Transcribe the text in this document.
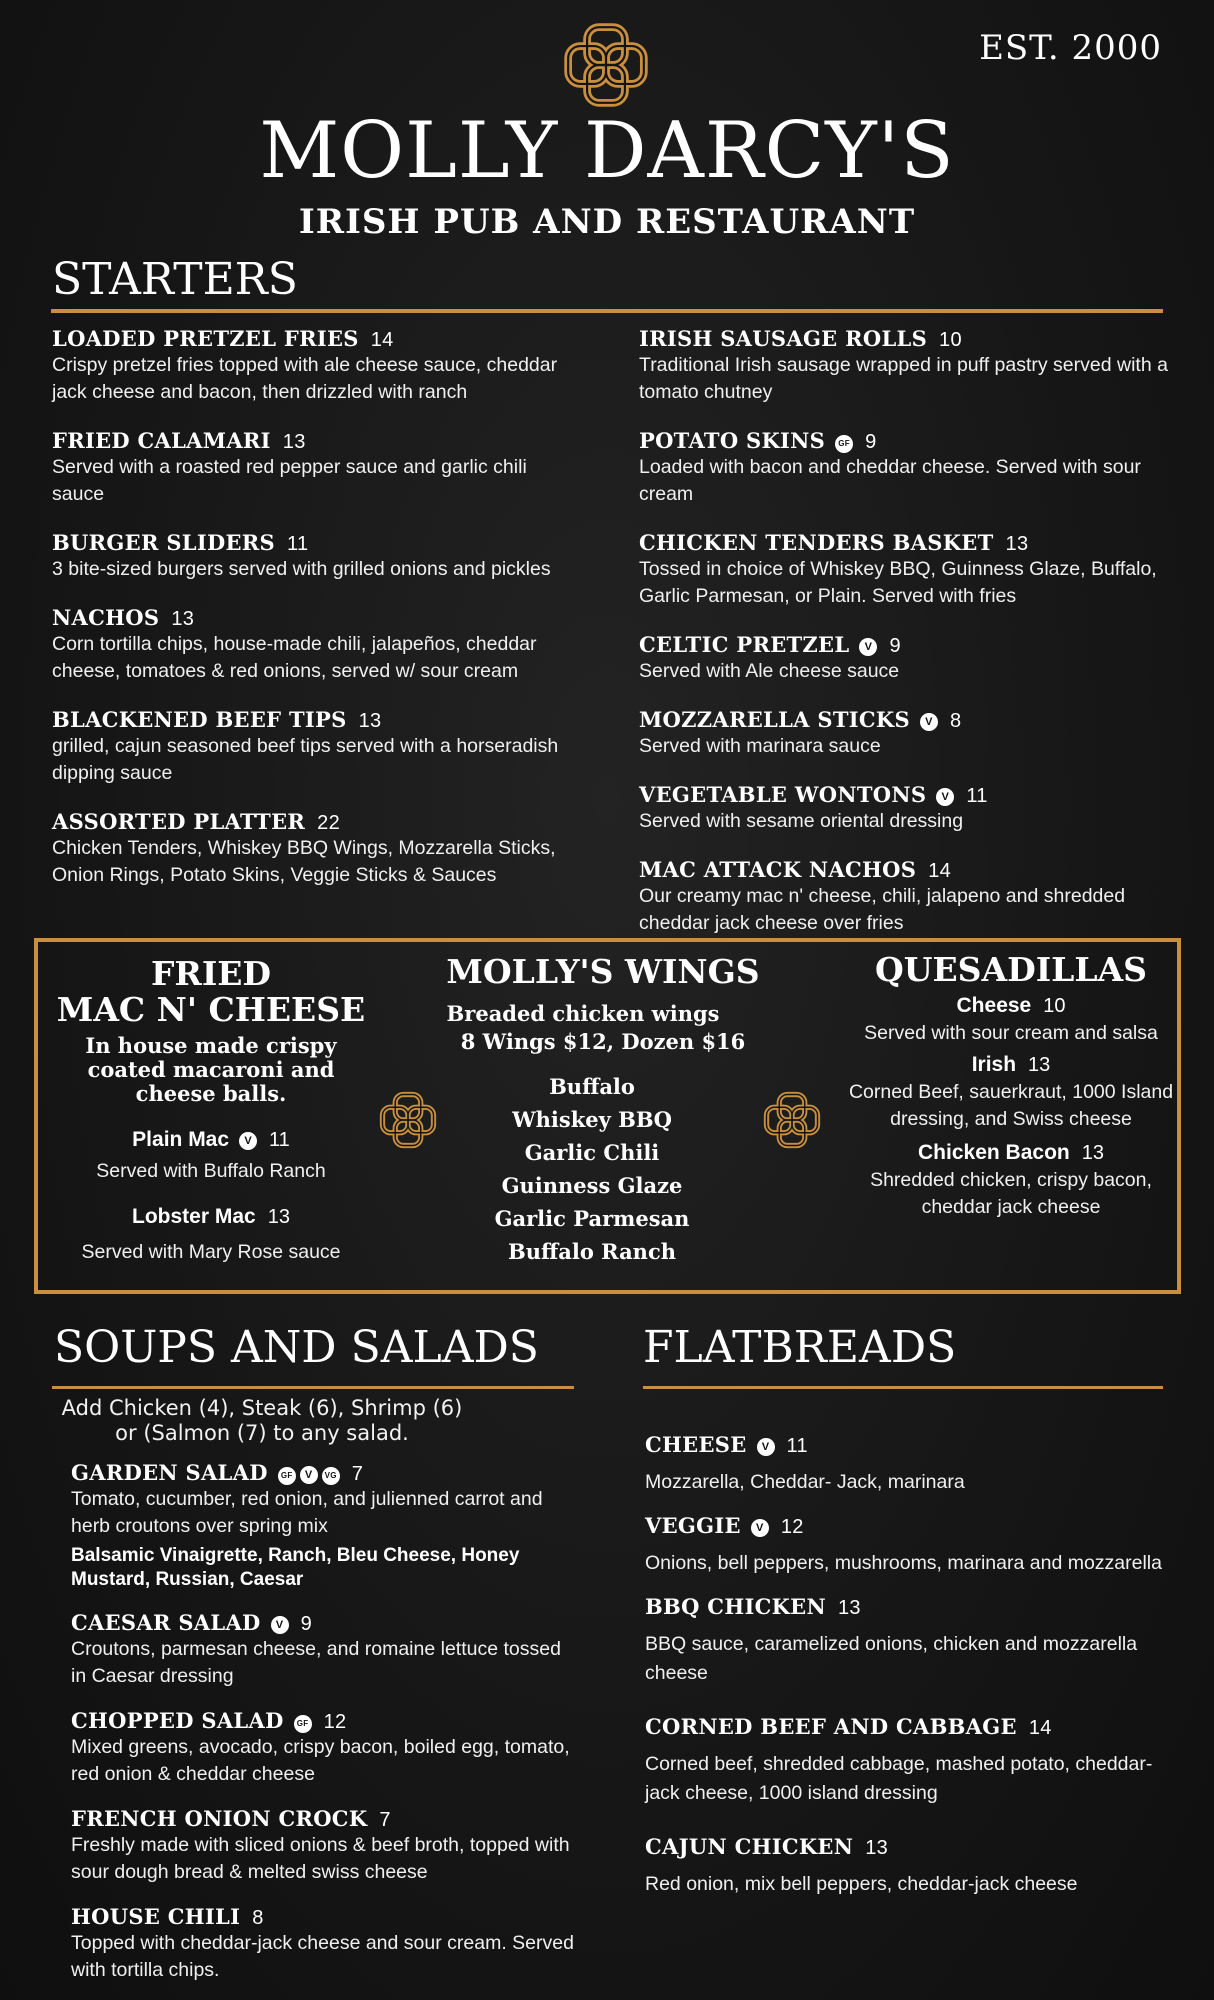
EST. 2000
MOLLY DARCY'S
IRISH PUB AND RESTAURANT
STARTERS
LOADED PRETZEL FRIES 14
Crispy pretzel fries topped with ale cheese sauce, cheddar jack cheese and bacon, then drizzled with ranch
FRIED CALAMARI 13
Served with a roasted red pepper sauce and garlic chili sauce
BURGER SLIDERS 11
3 bite-sized burgers served with grilled onions and pickles
NACHOS 13
Corn tortilla chips, house-made chili, jalapeños, cheddar cheese, tomatoes & red onions, served w/ sour cream
BLACKENED BEEF TIPS 13
grilled, cajun seasoned beef tips served with a horseradish dipping sauce
ASSORTED PLATTER 22
Chicken Tenders, Whiskey BBQ Wings, Mozzarella Sticks, Onion Rings, Potato Skins, Veggie Sticks & Sauces
IRISH SAUSAGE ROLLS 10
Traditional Irish sausage wrapped in puff pastry served with a tomato chutney
POTATO SKINS GF 9
Loaded with bacon and cheddar cheese. Served with sour cream
CHICKEN TENDERS BASKET 13
Tossed in choice of Whiskey BBQ, Guinness Glaze, Buffalo, Garlic Parmesan, or Plain. Served with fries
CELTIC PRETZEL V 9
Served with Ale cheese sauce
MOZZARELLA STICKS V 8
Served with marinara sauce
VEGETABLE WONTONS V 11
Served with sesame oriental dressing
MAC ATTACK NACHOS 14
Our creamy mac n' cheese, chili, jalapeno and shredded cheddar jack cheese over fries
FRIED
MAC N' CHEESE
In house made crispy coated macaroni and cheese balls.
Plain Mac V 11
Served with Buffalo Ranch
Lobster Mac 13
Served with Mary Rose sauce
MOLLY'S WINGS
Breaded chicken wings
8 Wings $12, Dozen $16
Buffalo
Whiskey BBQ
Garlic Chili
Guinness Glaze
Garlic Parmesan
Buffalo Ranch
QUESADILLAS
Cheese 10
Served with sour cream and salsa
Irish 13
Corned Beef, sauerkraut, 1000 Island dressing, and Swiss cheese
Chicken Bacon 13
Shredded chicken, crispy bacon, cheddar jack cheese
SOUPS AND SALADS
Add Chicken (4), Steak (6), Shrimp (6) or (Salmon (7) to any salad.
GARDEN SALAD GF V VG 7
Tomato, cucumber, red onion, and julienned carrot and herb croutons over spring mix
Balsamic Vinaigrette, Ranch, Bleu Cheese, Honey Mustard, Russian, Caesar
CAESAR SALAD V 9
Croutons, parmesan cheese, and romaine lettuce tossed in Caesar dressing
CHOPPED SALAD GF 12
Mixed greens, avocado, crispy bacon, boiled egg, tomato, red onion & cheddar cheese
FRENCH ONION CROCK 7
Freshly made with sliced onions & beef broth, topped with sour dough bread & melted swiss cheese
HOUSE CHILI 8
Topped with cheddar-jack cheese and sour cream. Served with tortilla chips.
FLATBREADS
CHEESE V 11
Mozzarella, Cheddar- Jack, marinara
VEGGIE V 12
Onions, bell peppers, mushrooms, marinara and mozzarella
BBQ CHICKEN 13
BBQ sauce, caramelized onions, chicken and mozzarella cheese
CORNED BEEF AND CABBAGE 14
Corned beef, shredded cabbage, mashed potato, cheddar-jack cheese, 1000 island dressing
CAJUN CHICKEN 13
Red onion, mix bell peppers, cheddar-jack cheese
